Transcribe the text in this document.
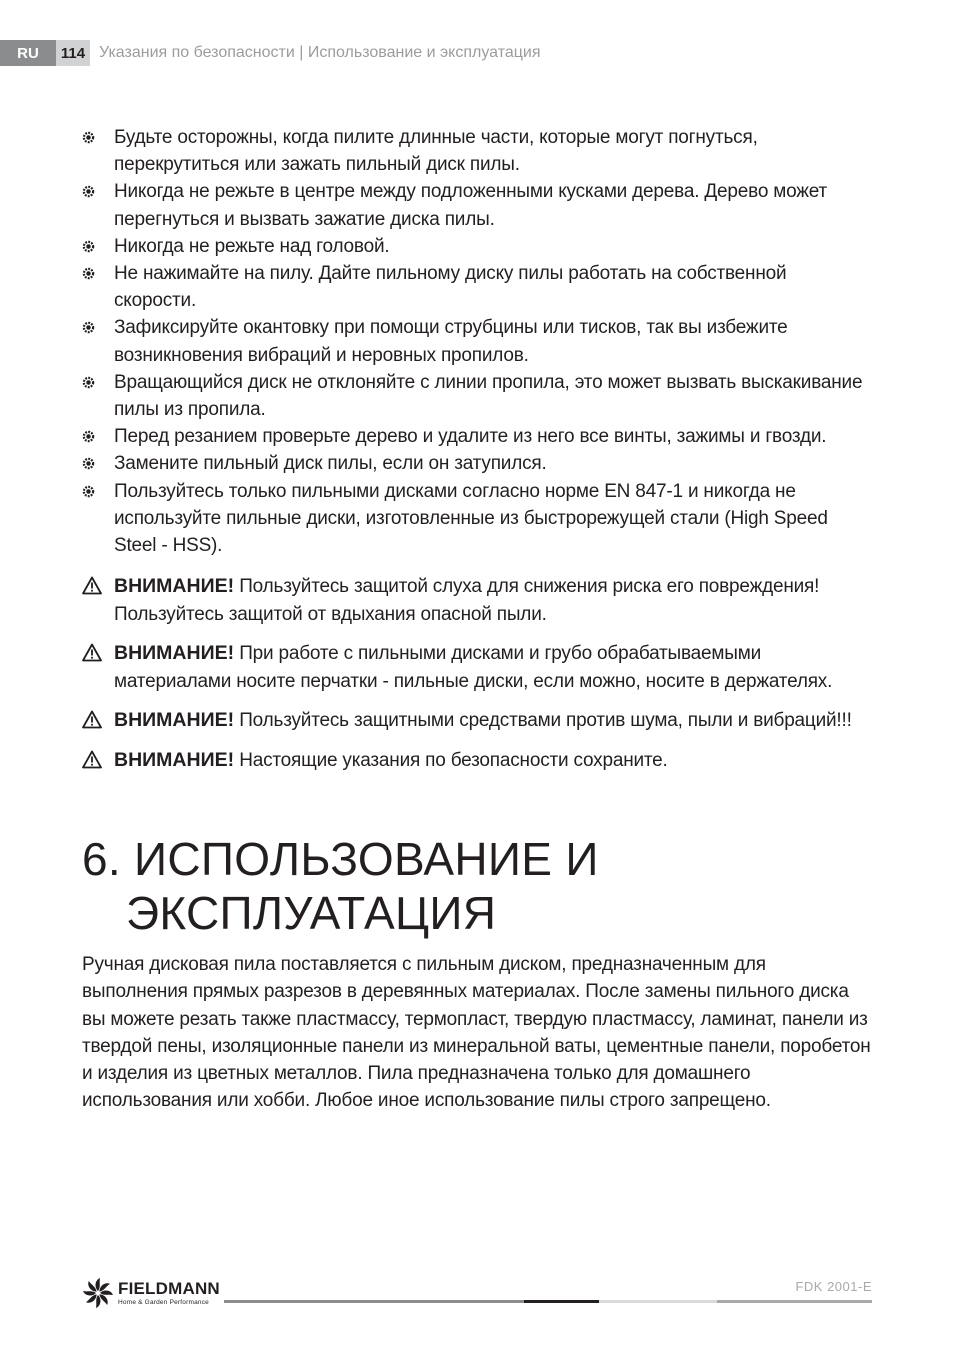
RU	114 Указания по безопасности | Использование и эксплуатация
Будьте осторожны, когда пилите длинные части, которые могут погнуться, перекрутиться или зажать пильный диск пилы.
Никогда не режьте в центре между подложенными кусками дерева. Дерево может перегнуться и вызвать зажатие диска пилы.
Никогда не режьте над головой.
Не нажимайте на пилу. Дайте пильному диску пилы работать на собственной скорости.
Зафиксируйте окантовку при помощи струбцины или тисков, так вы избежите возникновения вибраций и неровных пропилов.
Вращающийся диск не отклоняйте с линии пропила, это может вызвать выскакивание пилы из пропила.
Перед резанием проверьте дерево и удалите из него все винты, зажимы и гвозди.
Замените пильный диск пилы, если он затупился.
Пользуйтесь только пильными дисками согласно норме EN 847-1 и никогда не используйте пильные диски, изготовленные из быстрорежущей стали (High Speed Steel - HSS).
ВНИМАНИЕ! Пользуйтесь защитой слуха для снижения риска его повреждения! Пользуйтесь защитой от вдыхания опасной пыли.
ВНИМАНИЕ! При работе с пильными дисками и грубо обрабатываемыми материалами носите перчатки - пильные диски, если можно, носите в держателях.
ВНИМАНИЕ! Пользуйтесь защитными средствами против шума, пыли и вибраций!!!
ВНИМАНИЕ! Настоящие указания по безопасности сохраните.
6. ИСПОЛЬЗОВАНИЕ И
ЭКСПЛУАТАЦИЯ

Ручная дисковая пила поставляется с пильным диском, предназначенным для выполнения прямых разрезов в деревянных материалах. После замены пильного диска вы можете резать также пластмассу, термопласт, твердую пластмассу, ламинат, панели из твердой пены, изоляционные панели из минеральной ваты, цементные панели, поробетон и изделия из цветных металлов. Пила предназначена только для домашнего использования или хобби. Любое иное использование пилы строго запрещено.

FIELDMANN
Home & Garden Performance
FDK 2001-E
